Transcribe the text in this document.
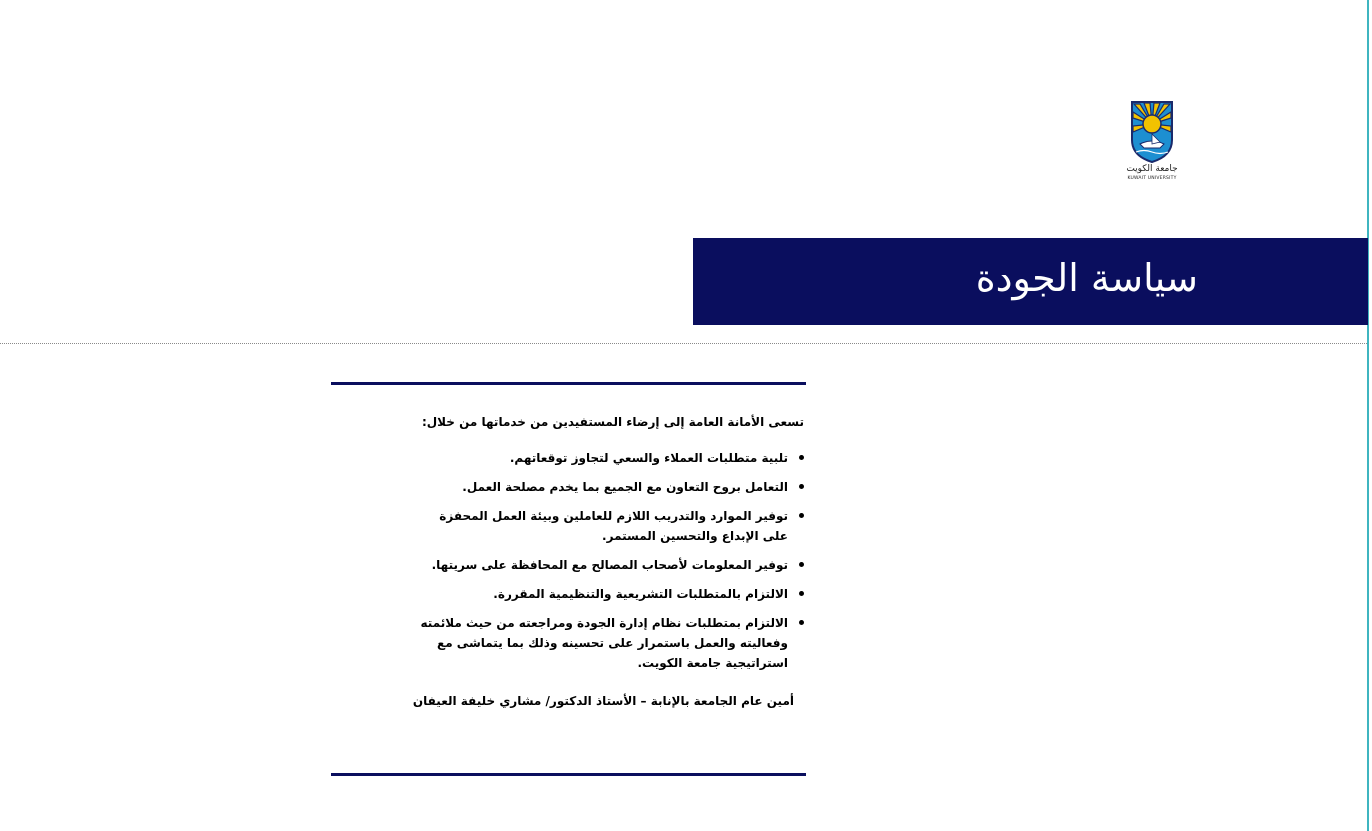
جامعة الكويت
KUWAIT UNIVERSITY
سياسة الجودة

تسعى الأمانة العامة إلى إرضاء المستفيدين من خدماتها من خلال:

تلبية متطلبات العملاء والسعي لتجاوز توقعاتهم.
التعامل بروح التعاون مع الجميع بما يخدم مصلحة العمل.
توفير الموارد والتدريب اللازم للعاملين وبيئة العمل المحفزة على الإبداع والتحسين المستمر.
توفير المعلومات لأصحاب المصالح مع المحافظة على سريتها.
الالتزام بالمتطلبات التشريعية والتنظيمية المقررة.
الالتزام بمتطلبات نظام إدارة الجودة ومراجعته من حيث ملائمته وفعاليته والعمل باستمرار على تحسينه وذلك بما يتماشى مع استراتيجية جامعة الكويت.

أمين عام الجامعة بالإنابة – الأستاذ الدكتور/ مشاري خليفة العيفان
